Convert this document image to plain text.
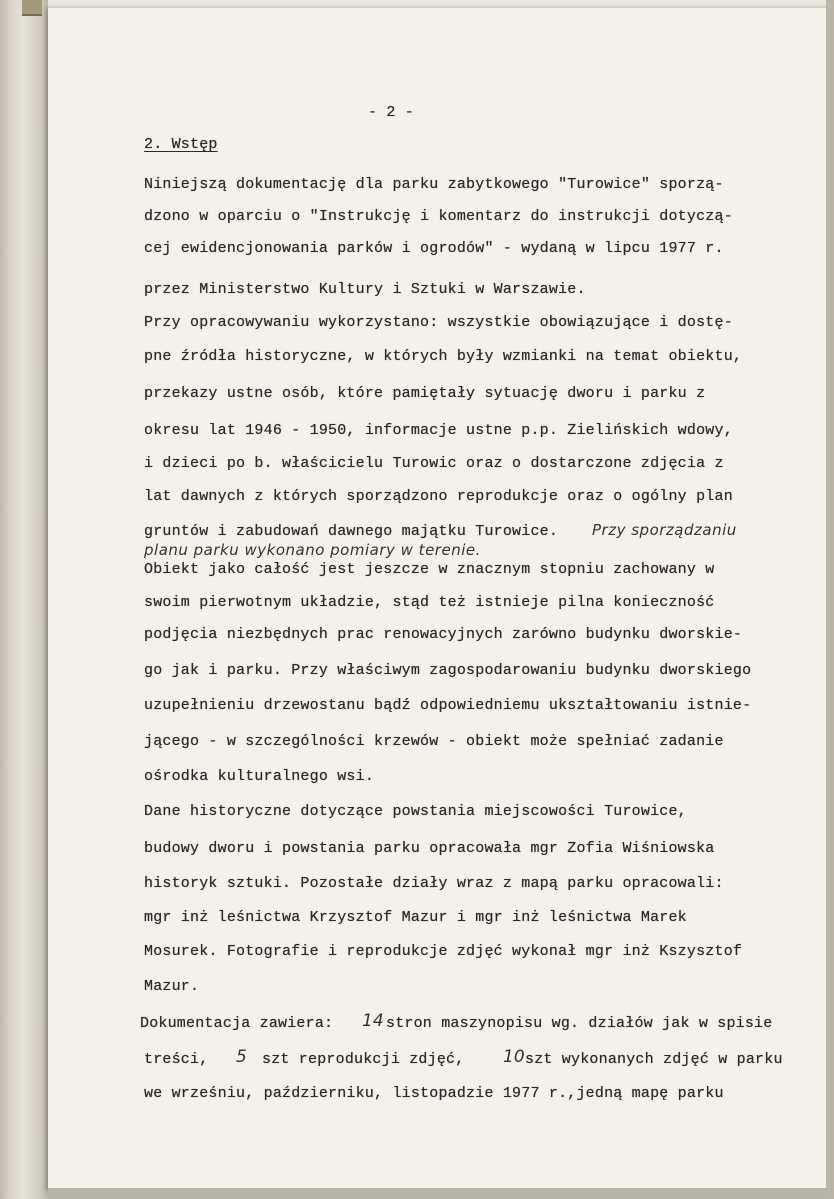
- 2 -
2. Wstęp
Niniejszą dokumentację dla parku zabytkowego "Turowice" sporzą-
dzono w oparciu o "Instrukcję i komentarz do instrukcji dotyczą-
cej ewidencjonowania parków i ogrodów" - wydaną w lipcu 1977 r.
przez Ministerstwo Kultury i Sztuki w Warszawie.
Przy opracowywaniu wykorzystano: wszystkie obowiązujące i dostę-
pne źródła historyczne, w których były wzmianki na temat obiektu,
przekazy ustne osób, które pamiętały sytuację dworu i parku z
okresu lat 1946 - 1950, informacje ustne p.p. Zielińskich wdowy,
i dzieci po b. właścicielu Turowic oraz o dostarczone zdjęcia z
lat dawnych z których sporządzono reprodukcje oraz o ogólny plan
gruntów i zabudowań dawnego majątku Turowice. Przy sporządzaniu
planu parku wykonano pomiary w terenie.
Obiekt jako całość jest jeszcze w znacznym stopniu zachowany w
swoim pierwotnym układzie, stąd też istnieje pilna konieczność
podjęcia niezbędnych prac renowacyjnych zarówno budynku dworskie-
go jak i parku. Przy właściwym zagospodarowaniu budynku dworskiego
uzupełnieniu drzewostanu bądź odpowiedniemu ukształtowaniu istnie-
jącego - w szczególności krzewów - obiekt może spełniać zadanie
ośrodka kulturalnego wsi.
Dane historyczne dotyczące powstania miejscowości Turowice,
budowy dworu i powstania parku opracowała mgr Zofia Wiśniowska
historyk sztuki. Pozostałe działy wraz z mapą parku opracowali:
mgr inż leśnictwa Krzysztof Mazur i mgr inż leśnictwa Marek
Mosurek. Fotografie i reprodukcje zdjęć wykonał mgr inż Kszysztof
Mazur.
Dokumentacja zawiera: 14 stron maszynopisu wg. działów jak w spisie
treści, 5 szt reprodukcji zdjęć, 10 szt wykonanych zdjęć w parku
we wrześniu, październiku, listopadzie 1977 r.,jedną mapę parku
